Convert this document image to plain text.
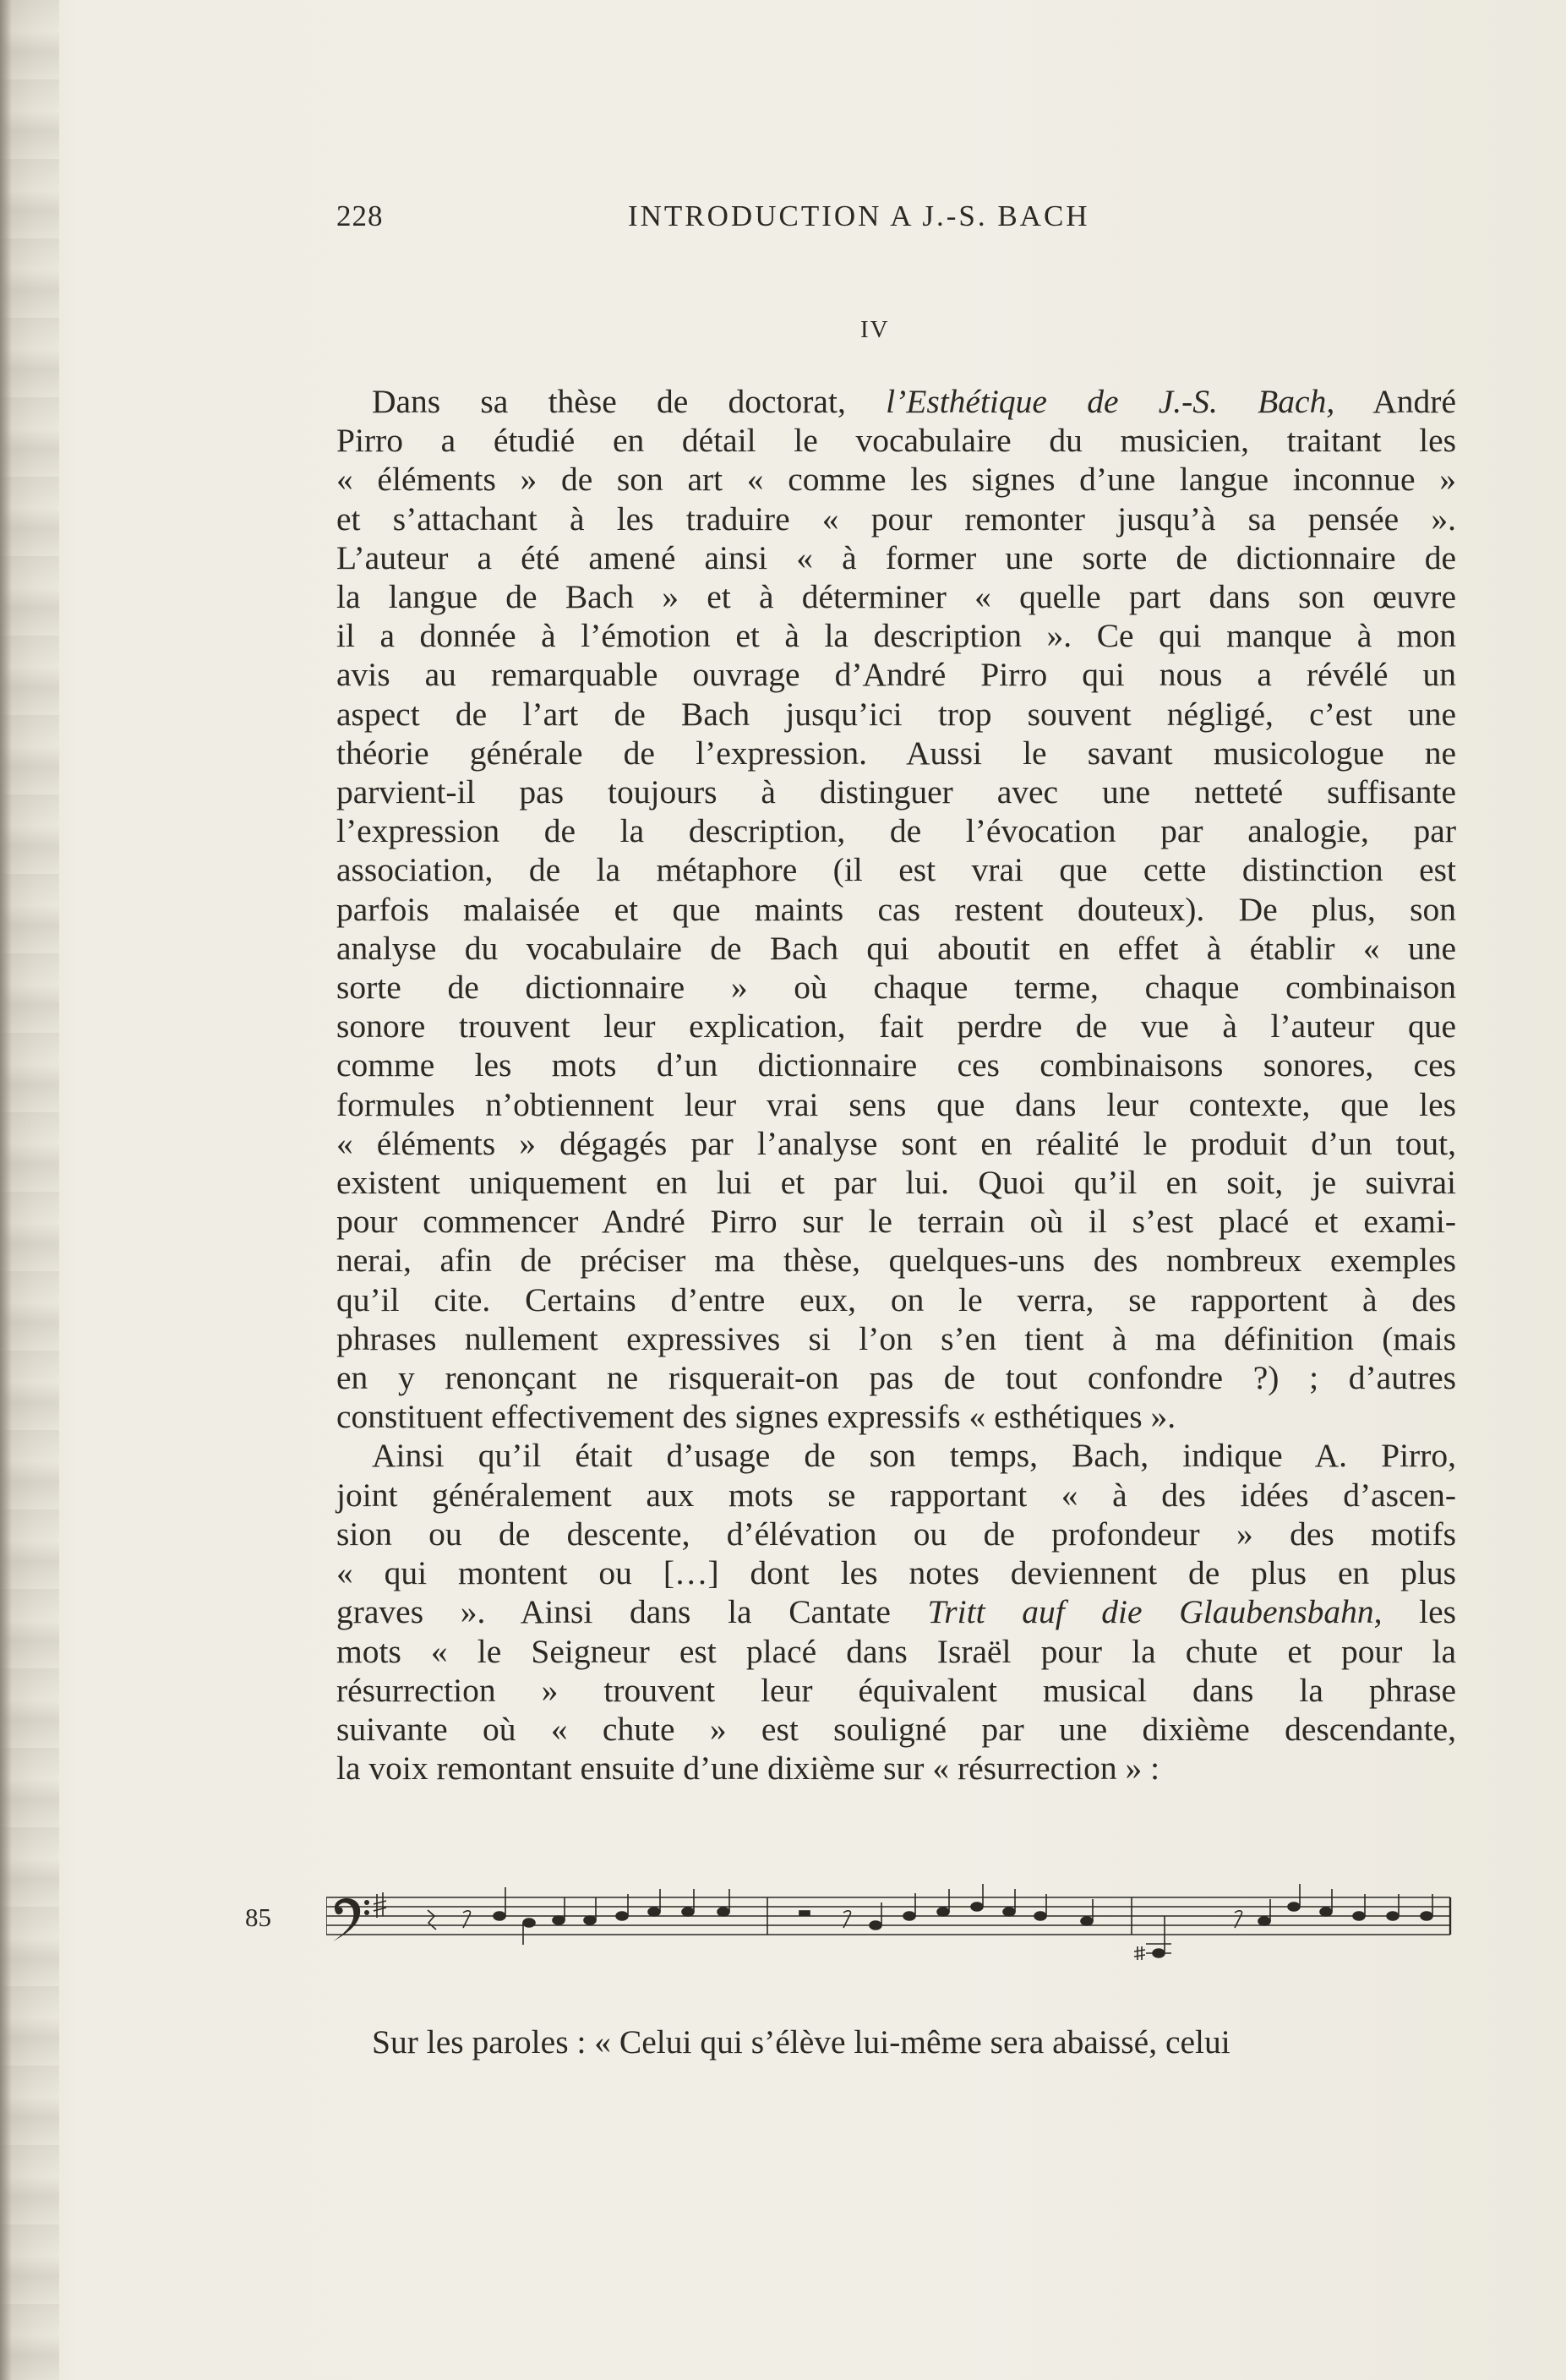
228	INTRODUCTION A J.-S. BACH
IV
Dans sa thèse de doctorat, l’Esthétique de J.-S. Bach, André
Pirro a étudié en détail le vocabulaire du musicien, traitant les
« éléments » de son art « comme les signes d’une langue inconnue »
et s’attachant à les traduire « pour remonter jusqu’à sa pensée ».
L’auteur a été amené ainsi « à former une sorte de dictionnaire de
la langue de Bach » et à déterminer « quelle part dans son œuvre
il a donnée à l’émotion et à la description ». Ce qui manque à mon
avis au remarquable ouvrage d’André Pirro qui nous a révélé un
aspect de l’art de Bach jusqu’ici trop souvent négligé, c’est une
théorie générale de l’expression. Aussi le savant musicologue ne
parvient-il pas toujours à distinguer avec une netteté suffisante
l’expression de la description, de l’évocation par analogie, par
association, de la métaphore (il est vrai que cette distinction est
parfois malaisée et que maints cas restent douteux). De plus, son
analyse du vocabulaire de Bach qui aboutit en effet à établir « une
sorte de dictionnaire » où chaque terme, chaque combinaison
sonore trouvent leur explication, fait perdre de vue à l’auteur que
comme les mots d’un dictionnaire ces combinaisons sonores, ces
formules n’obtiennent leur vrai sens que dans leur contexte, que les
« éléments » dégagés par l’analyse sont en réalité le produit d’un tout,
existent uniquement en lui et par lui. Quoi qu’il en soit, je suivrai
pour commencer André Pirro sur le terrain où il s’est placé et exami-
nerai, afin de préciser ma thèse, quelques-uns des nombreux exemples
qu’il cite. Certains d’entre eux, on le verra, se rapportent à des
phrases nullement expressives si l’on s’en tient à ma définition (mais
en y renonçant ne risquerait-on pas de tout confondre ?) ; d’autres
constituent effectivement des signes expressifs « esthétiques ».
Ainsi qu’il était d’usage de son temps, Bach, indique A. Pirro,
joint généralement aux mots se rapportant « à des idées d’ascen-
sion ou de descente, d’élévation ou de profondeur » des motifs
« qui montent ou […] dont les notes deviennent de plus en plus
graves ». Ainsi dans la Cantate Tritt auf die Glaubensbahn, les
mots « le Seigneur est placé dans Israël pour la chute et pour la
résurrection » trouvent leur équivalent musical dans la phrase
suivante où « chute » est souligné par une dixième descendante,
la voix remontant ensuite d’une dixième sur « résurrection » :
85
Sur les paroles : « Celui qui s’élève lui-même sera abaissé, celui
